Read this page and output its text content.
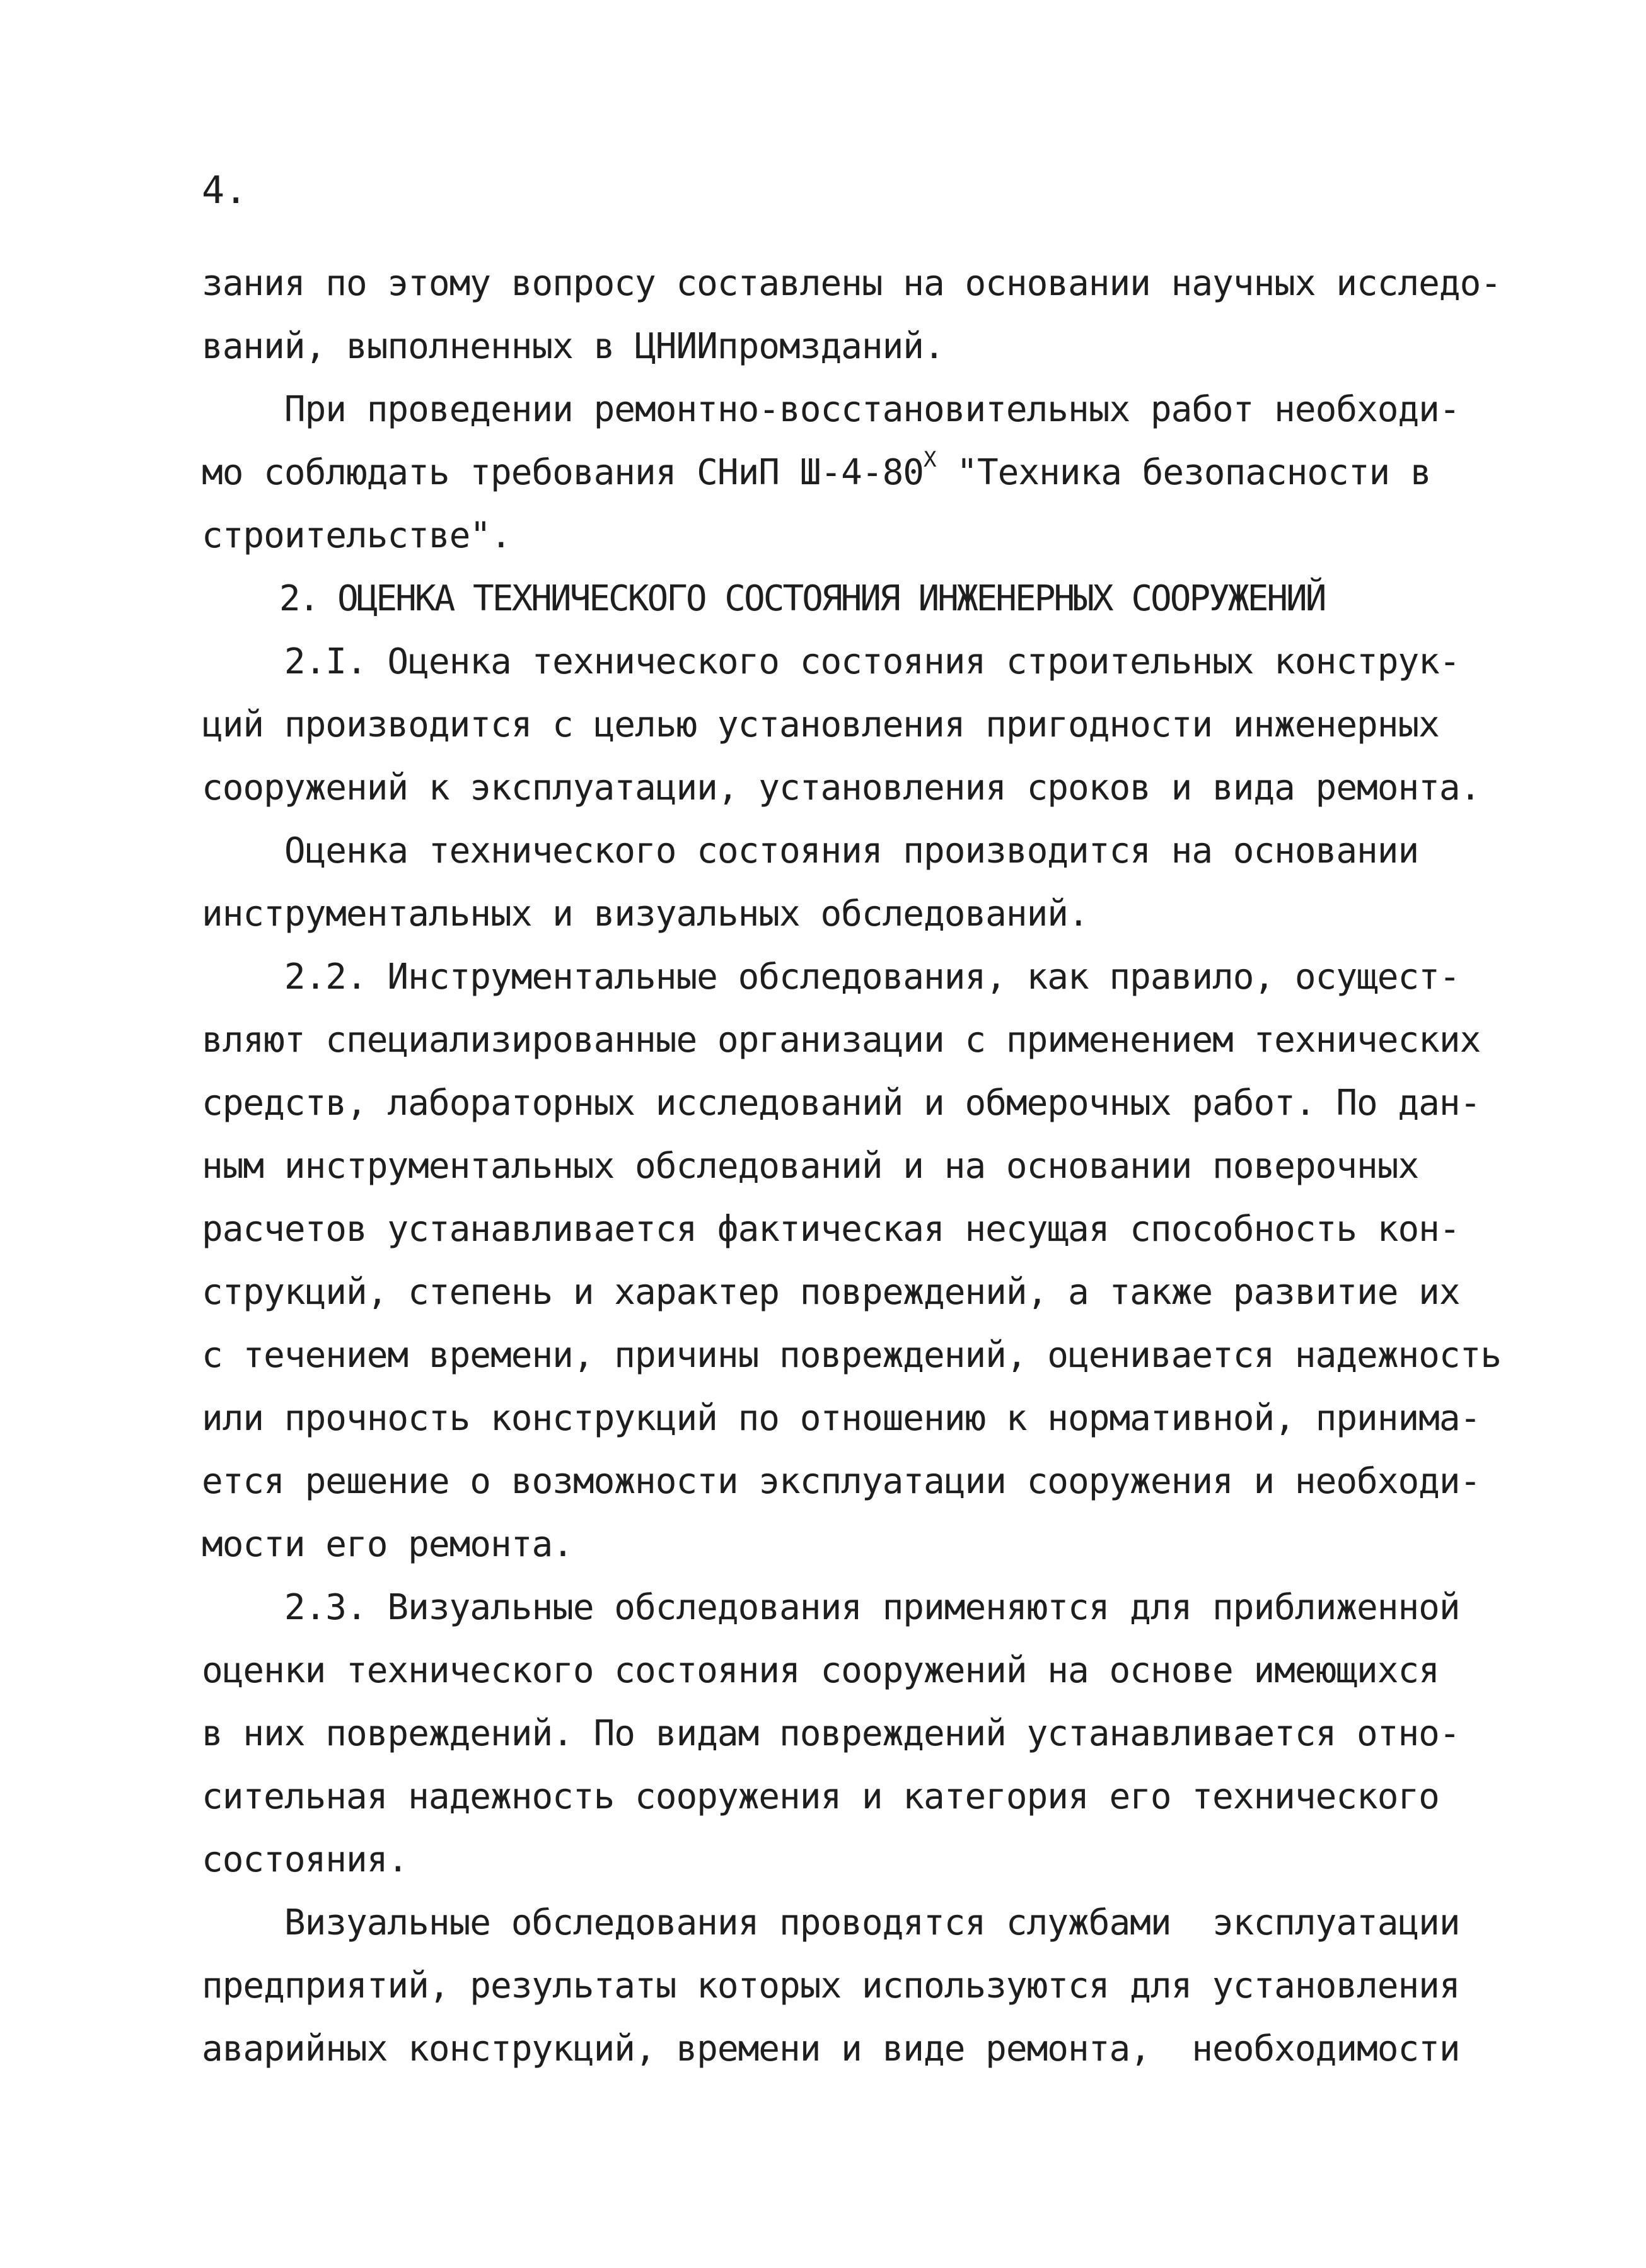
4.
зания по этому вопросу составлены на основании научных исследо-
ваний, выполненных в ЦНИИпромзданий.
При проведении ремонтно-восстановительных работ необходи-
мо соблюдать требования СНиП $Ш-4-80^X$ "Техника безопасности в
строительстве".
2. ОЦЕНКА ТЕХНИЧЕСКОГО СОСТОЯНИЯ ИНЖЕНЕРНЫХ СООРУЖЕНИЙ
2.I. Оценка технического состояния строительных конструк-
ций производится с целью установления пригодности инженерных
сооружений к эксплуатации, установления сроков и вида ремонта.
Оценка технического состояния производится на основании
инструментальных и визуальных обследований.
2.2. Инструментальные обследования, как правило, осущест-
вляют специализированные организации с применением технических
средств, лабораторных исследований и обмерочных работ. По дан-
ным инструментальных обследований и на основании поверочных
расчетов устанавливается фактическая несущая способность кон-
струкций, степень и характер повреждений, а также развитие их
с течением времени, причины повреждений, оценивается надежность
или прочность конструкций по отношению к нормативной, принима-
ется решение о возможности эксплуатации сооружения и необходи-
мости его ремонта.
2.3. Визуальные обследования применяются для приближенной
оценки технического состояния сооружений на основе имеющихся
в них повреждений. По видам повреждений устанавливается отно-
сительная надежность сооружения и категория его технического
состояния.
Визуальные обследования проводятся службами  эксплуатации
предприятий, результаты которых используются для установления
аварийных конструкций, времени и виде ремонта,  необходимости
